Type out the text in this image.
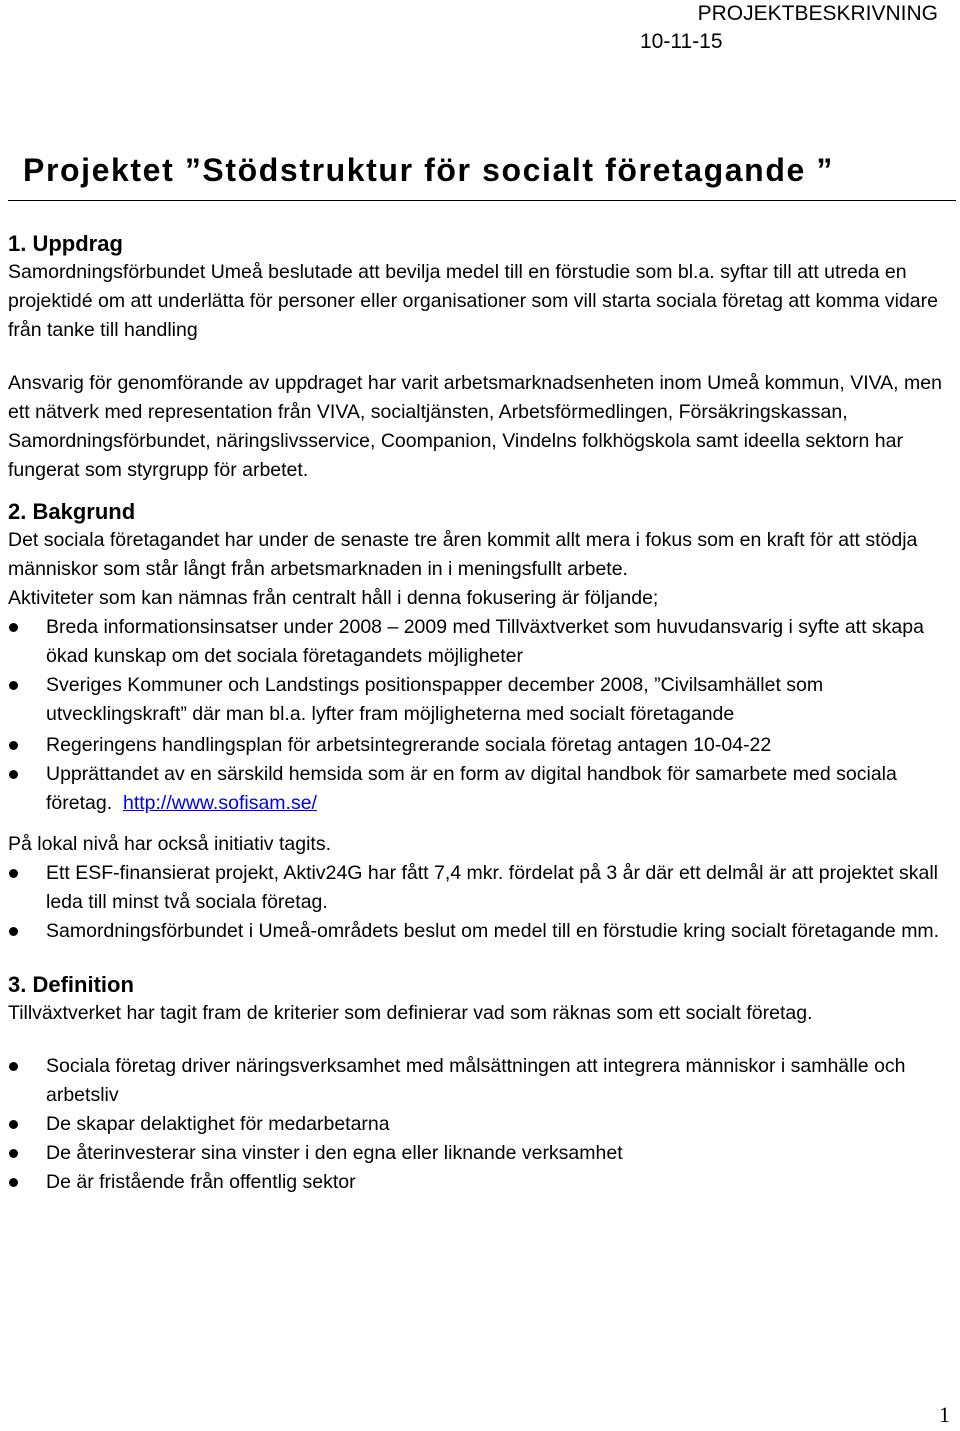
PROJEKTBESKRIVNING
10-11-15
Projektet ”Stödstruktur för socialt företagande ”

1. Uppdrag

Samordningsförbundet Umeå beslutade att bevilja medel till en förstudie som bl.a. syftar till att utreda en projektidé om att underlätta för personer eller organisationer som vill starta sociala företag att komma vidare från tanke till handling

Ansvarig för genomförande av uppdraget har varit arbetsmarknadsenheten inom Umeå kommun, VIVA, men ett nätverk med representation från VIVA, socialtjänsten, Arbetsförmedlingen, Försäkringskassan, Samordningsförbundet, näringslivsservice, Coompanion, Vindelns folkhögskola samt ideella sektorn har fungerat som styrgrupp för arbetet.

2. Bakgrund

Det sociala företagandet har under de senaste tre åren kommit allt mera i fokus som en kraft för att stödja människor som står långt från arbetsmarknaden in i meningsfullt arbete.

Aktiviteter som kan nämnas från centralt håll i denna fokusering är följande;

Breda informationsinsatser under 2008 – 2009 med Tillväxtverket som huvudansvarig i syfte att skapa ökad kunskap om det sociala företagandets möjligheter
Sveriges Kommuner och Landstings positionspapper december 2008, ”Civilsamhället som utvecklingskraft” där man bl.a. lyfter fram möjligheterna med socialt företagande
Regeringens handlingsplan för arbetsintegrerande sociala företag antagen 10-04-22
Upprättandet av en särskild hemsida som är en form av digital handbok för samarbete med sociala företag. http://www.sofisam.se/

På lokal nivå har också initiativ tagits.

Ett ESF-finansierat projekt, Aktiv24G har fått 7,4 mkr. fördelat på 3 år där ett delmål är att projektet skall leda till minst två sociala företag.
Samordningsförbundet i Umeå-områdets beslut om medel till en förstudie kring socialt företagande mm.

3. Definition

Tillväxtverket har tagit fram de kriterier som definierar vad som räknas som ett socialt företag.

Sociala företag driver näringsverksamhet med målsättningen att integrera människor i samhälle och arbetsliv
De skapar delaktighet för medarbetarna
De återinvesterar sina vinster i den egna eller liknande verksamhet
De är fristående från offentlig sektor
1
